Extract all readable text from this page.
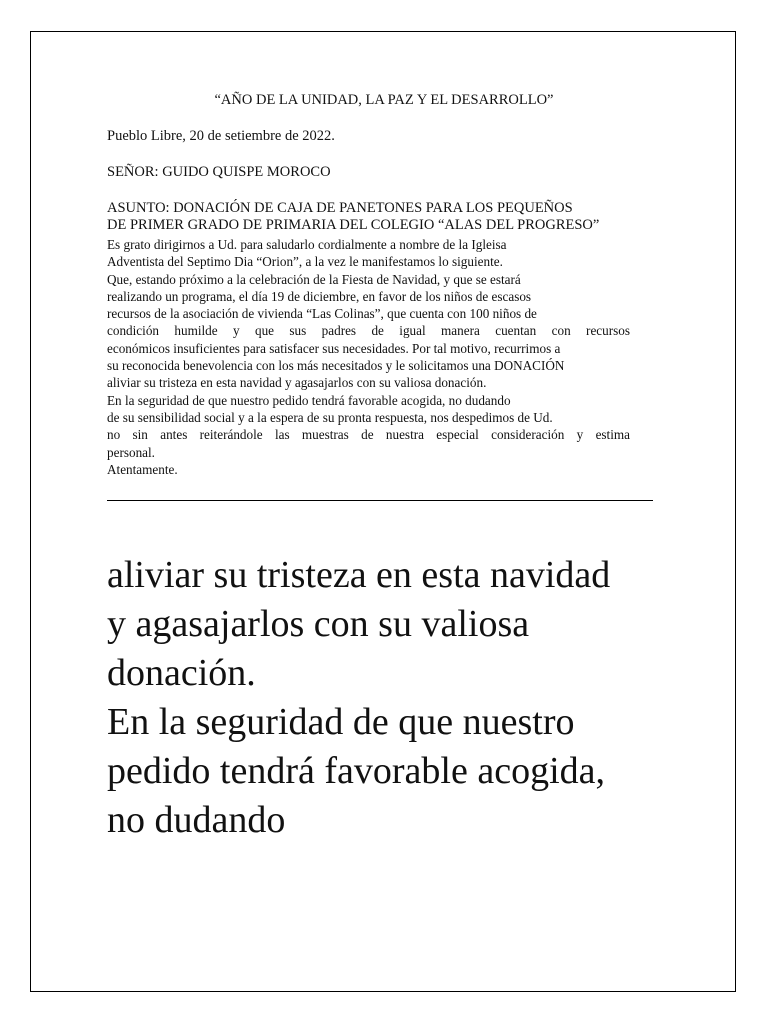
“AÑO DE LA UNIDAD, LA PAZ Y EL DESARROLLO”
Pueblo Libre, 20 de setiembre de 2022.
SEÑOR: GUIDO QUISPE MOROCO
ASUNTO: DONACIÓN DE CAJA DE PANETONES PARA LOS PEQUEÑOS
DE PRIMER GRADO DE PRIMARIA DEL COLEGIO “ALAS DEL PROGRESO”
Es grato dirigirnos a Ud. para saludarlo cordialmente a nombre de la Igleisa
Adventista del Septimo Dia “Orion”, a la vez le manifestamos lo siguiente.
Que, estando próximo a la celebración de la Fiesta de Navidad, y que se estará
realizando un programa, el día 19 de diciembre, en favor de los niños de escasos
recursos de la asociación de vivienda “Las Colinas”, que cuenta con 100 niños de
condición humilde y que sus padres de igual manera cuentan con recursos
económicos insuficientes para satisfacer sus necesidades. Por tal motivo, recurrimos a
su reconocida benevolencia con los más necesitados y le solicitamos una DONACIÓN
aliviar su tristeza en esta navidad y agasajarlos con su valiosa donación.
En la seguridad de que nuestro pedido tendrá favorable acogida, no dudando
de su sensibilidad social y a la espera de su pronta respuesta, nos despedimos de Ud.
no sin antes reiterándole las muestras de nuestra especial consideración y estima
personal.
Atentamente.
aliviar su tristeza en esta navidad
y agasajarlos con su valiosa
donación.
En la seguridad de que nuestro
pedido tendrá favorable acogida,
no dudando
